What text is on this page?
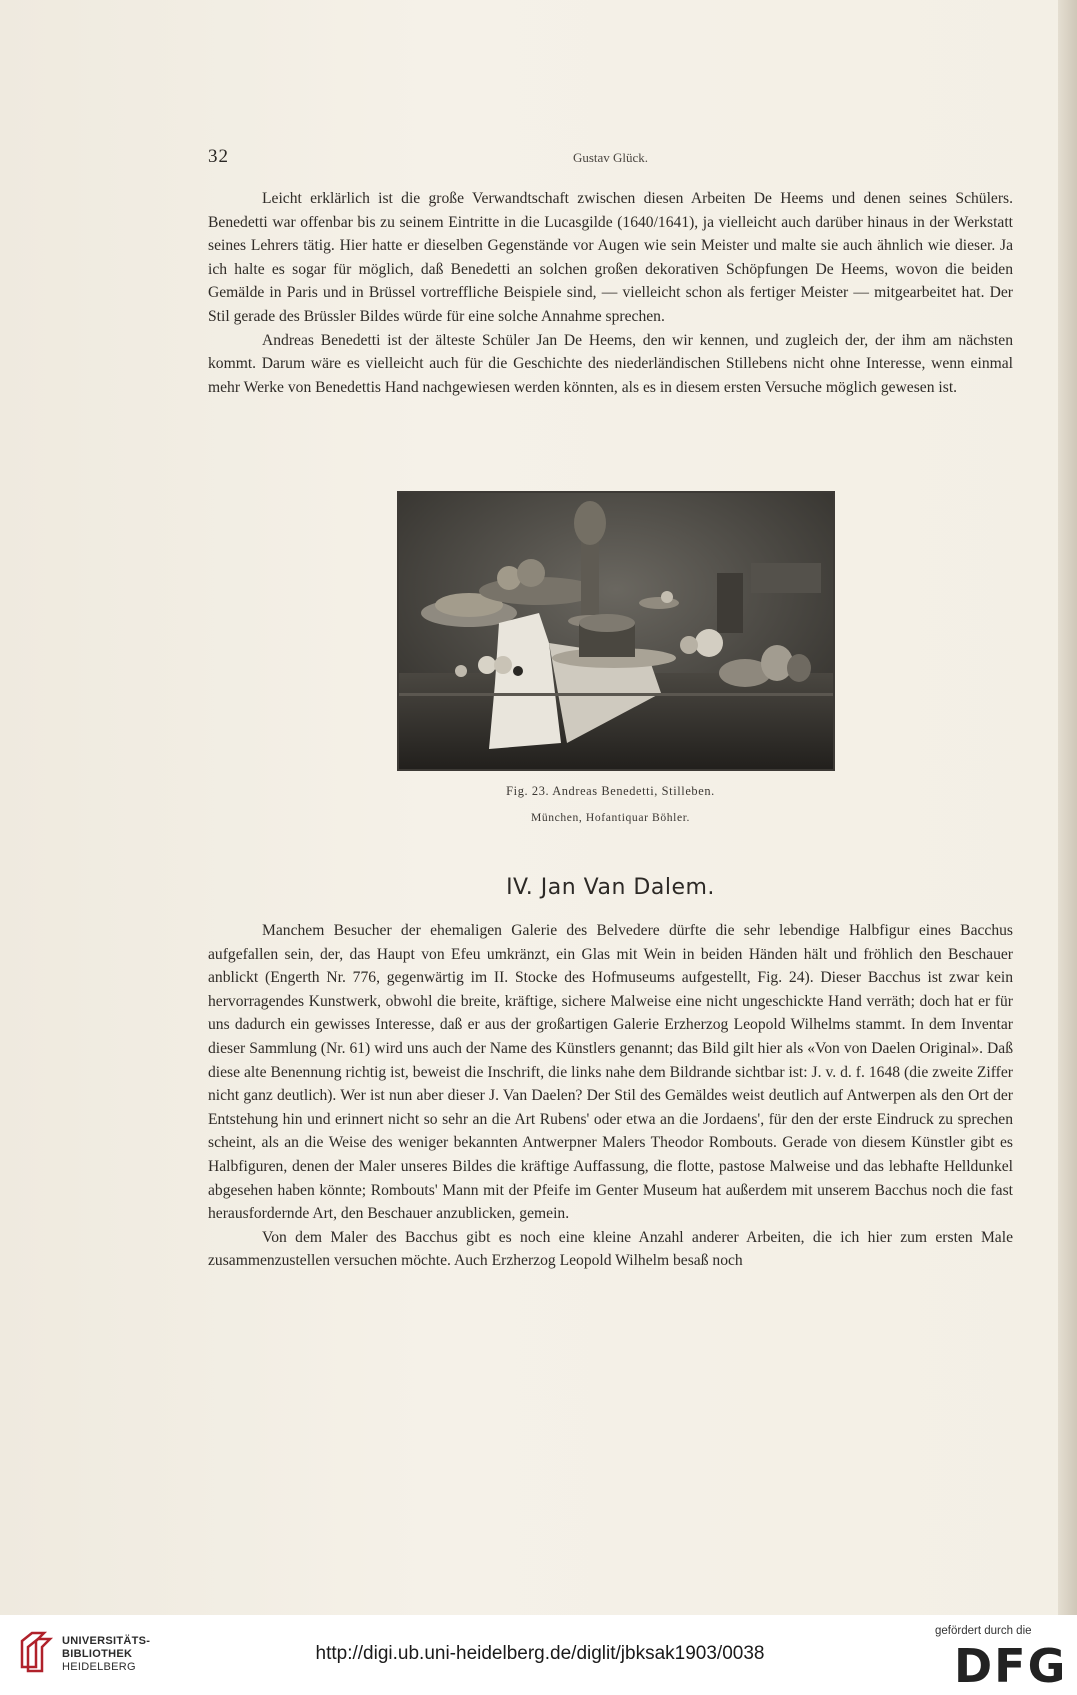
32	Gustav Glück.

Leicht erklärlich ist die große Verwandtschaft zwischen diesen Arbeiten De Heems und denen seines Schülers. Benedetti war offenbar bis zu seinem Eintritte in die Lucasgilde (1640/1641), ja vielleicht auch darüber hinaus in der Werkstatt seines Lehrers tätig. Hier hatte er dieselben Gegenstände vor Augen wie sein Meister und malte sie auch ähnlich wie dieser. Ja ich halte es sogar für möglich, daß Benedetti an solchen großen dekorativen Schöpfungen De Heems, wovon die beiden Gemälde in Paris und in Brüssel vortreffliche Beispiele sind, — vielleicht schon als fertiger Meister — mitgearbeitet hat. Der Stil gerade des Brüssler Bildes würde für eine solche Annahme sprechen.

Andreas Benedetti ist der älteste Schüler Jan De Heems, den wir kennen, und zugleich der, der ihm am nächsten kommt. Darum wäre es vielleicht auch für die Geschichte des niederländischen Stillebens nicht ohne Interesse, wenn einmal mehr Werke von Benedettis Hand nachgewiesen werden könnten, als es in diesem ersten Versuche möglich gewesen ist.

Fig. 23. Andreas Benedetti, Stilleben.
München, Hofantiquar Böhler.
IV. Jan Van Dalem.

Manchem Besucher der ehemaligen Galerie des Belvedere dürfte die sehr lebendige Halbfigur eines Bacchus aufgefallen sein, der, das Haupt von Efeu umkränzt, ein Glas mit Wein in beiden Händen hält und fröhlich den Beschauer anblickt (Engerth Nr. 776, gegenwärtig im II. Stocke des Hofmuseums aufgestellt, Fig. 24). Dieser Bacchus ist zwar kein hervorragendes Kunstwerk, obwohl die breite, kräftige, sichere Malweise eine nicht ungeschickte Hand verräth; doch hat er für uns dadurch ein gewisses Interesse, daß er aus der großartigen Galerie Erzherzog Leopold Wilhelms stammt. In dem Inventar dieser Sammlung (Nr. 61) wird uns auch der Name des Künstlers genannt; das Bild gilt hier als «Von von Daelen Original». Daß diese alte Benennung richtig ist, beweist die Inschrift, die links nahe dem Bildrande sichtbar ist: J. v. d. f. 1648 (die zweite Ziffer nicht ganz deutlich). Wer ist nun aber dieser J. Van Daelen? Der Stil des Gemäldes weist deutlich auf Antwerpen als den Ort der Entstehung hin und erinnert nicht so sehr an die Art Rubens' oder etwa an die Jordaens', für den der erste Eindruck zu sprechen scheint, als an die Weise des weniger bekannten Antwerpner Malers Theodor Rombouts. Gerade von diesem Künstler gibt es Halbfiguren, denen der Maler unseres Bildes die kräftige Auffassung, die flotte, pastose Malweise und das lebhafte Helldunkel abgesehen haben könnte; Rombouts' Mann mit der Pfeife im Genter Museum hat außerdem mit unserem Bacchus noch die fast herausfordernde Art, den Beschauer anzublicken, gemein.

Von dem Maler des Bacchus gibt es noch eine kleine Anzahl anderer Arbeiten, die ich hier zum ersten Male zusammenzustellen versuchen möchte. Auch Erzherzog Leopold Wilhelm besaß noch

UNIVERSITÄTS-
BIBLIOTHEK
HEIDELBERG
http://digi.ub.uni-heidelberg.de/diglit/jbksak1903/0038
gefördert durch die
DFG
